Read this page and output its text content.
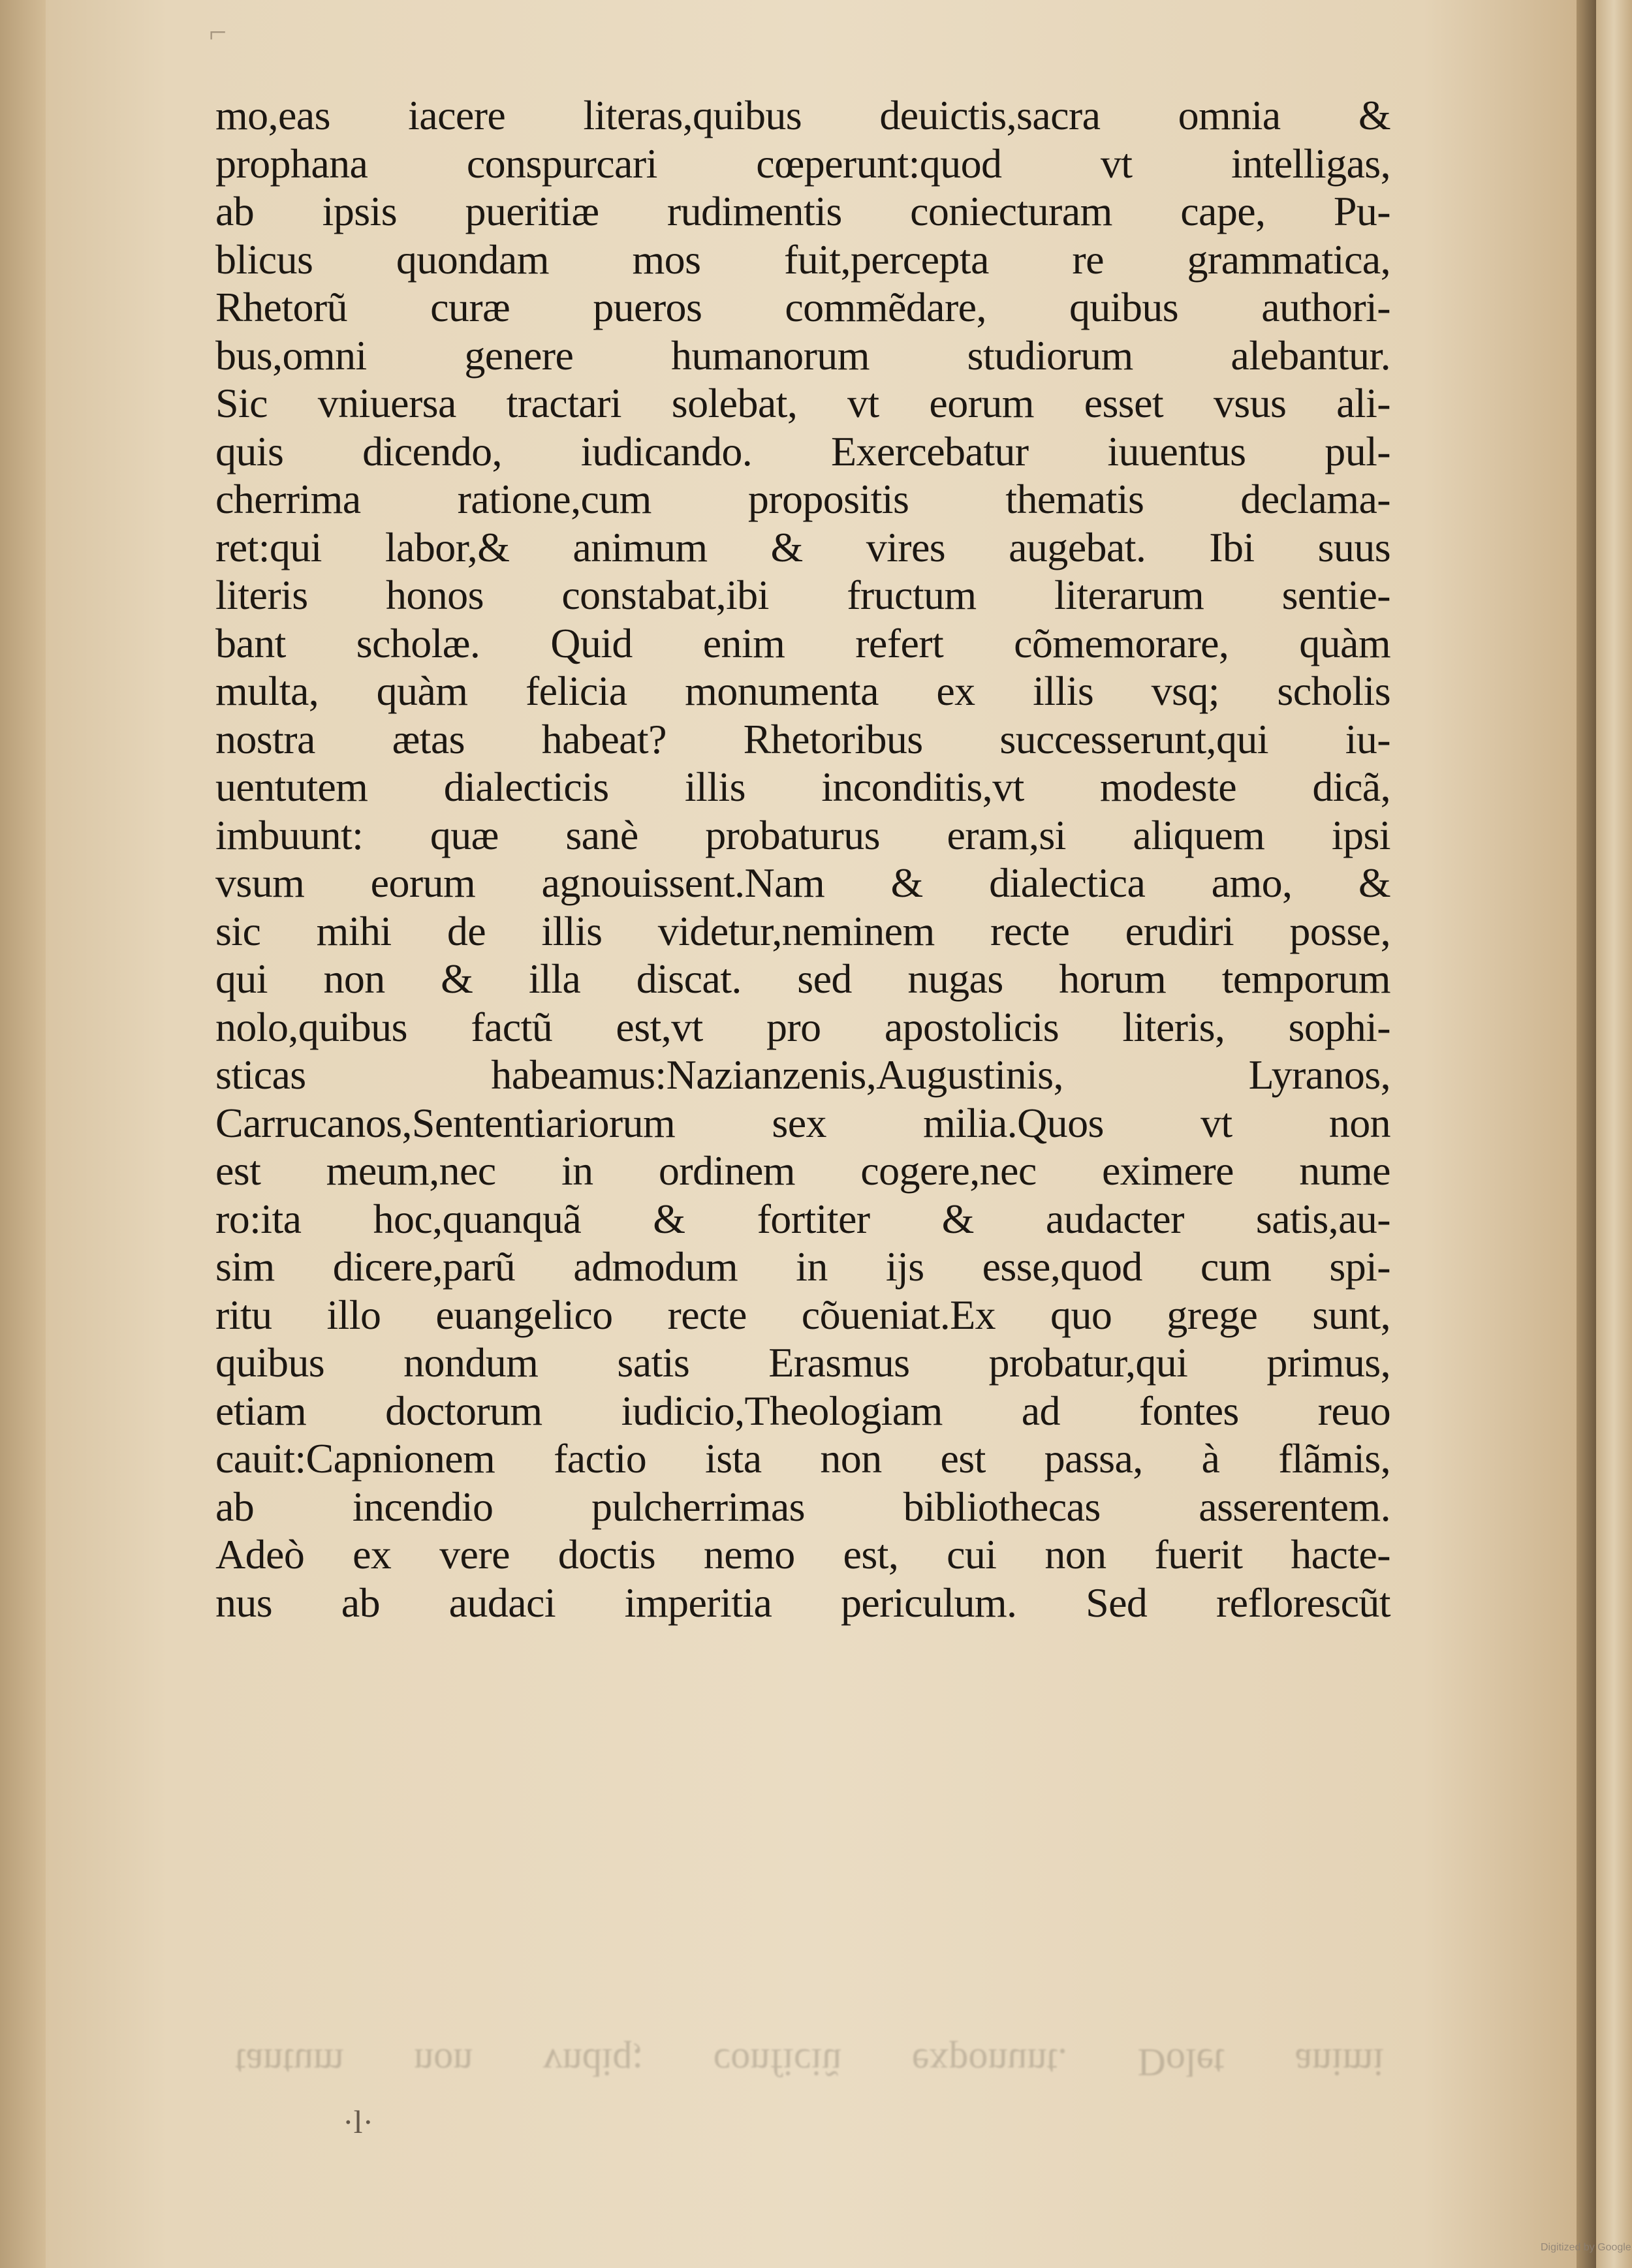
⌐
mo,eas iacere literas,quibus deuictis,sacra omnia &
prophana conspurcari cœperunt:quod vt intelligas,
ab ipsis pueritiæ rudimentis coniecturam cape, Pu-
blicus quondam mos fuit,percepta re grammatica,
Rhetorũ curæ pueros commẽdare, quibus authori-
bus,omni genere humanorum studiorum alebantur.
Sic vniuersa tractari solebat, vt eorum esset vsus ali-
quis dicendo, iudicando. Exercebatur iuuentus pul-
cherrima ratione,cum propositis thematis declama-
ret:qui labor,& animum & vires augebat. Ibi suus
literis honos constabat,ibi fructum literarum sentie-
bant scholæ. Quid enim refert cõmemorare, quàm
multa, quàm felicia monumenta ex illis vsq; scholis
nostra ætas habeat? Rhetoribus successerunt,qui iu-
uentutem dialecticis illis inconditis,vt modeste dicã,
imbuunt: quæ sanè probaturus eram,si aliquem ipsi
vsum eorum agnouissent.Nam & dialectica amo, &
sic mihi de illis videtur,neminem recte erudiri posse,
qui non & illa discat. sed nugas horum temporum
nolo,quibus factũ est,vt pro apostolicis literis, sophi-
sticas habeamus:Nazianzenis,Augustinis, Lyranos,
Carrucanos,Sententiariorum sex milia.Quos vt non
est meum,nec in ordinem cogere,nec eximere nume
ro:ita hoc,quanquã & fortiter & audacter satis,au-
sim dicere,parũ admodum in ijs esse,quod cum spi-
ritu illo euangelico recte cõueniat.Ex quo grege sunt,
quibus nondum satis Erasmus probatur,qui primus,
etiam doctorum iudicio,Theologiam ad fontes reuo
cauit:Capnionem factio ista non est passa, à flãmis,
ab incendio pulcherrimas bibliothecas asserentem.
Adeò ex vere doctis nemo est, cui non fuerit hacte-
nus ab audaci imperitia periculum. Sed reflorescũt
tantum non vndiq; conficiũ exponunt. Dolet animi
·l·
Digitized by Google
